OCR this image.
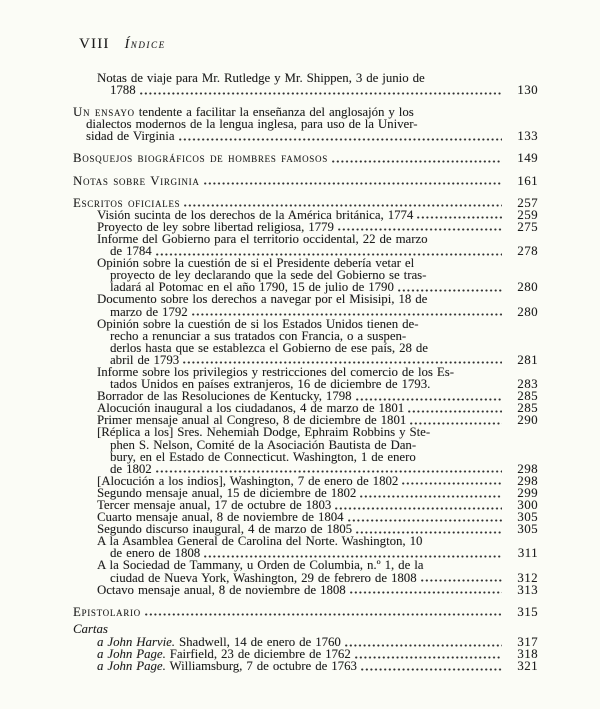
VIII Índice
Notas de viaje para Mr. Rutledge y Mr. Shippen, 3 de junio de
1788	130
Un ensayo tendente a facilitar la enseñanza del anglosajón y los
dialectos modernos de la lengua inglesa, para uso de la Univer-
sidad de Virginia	133
Bosquejos biográficos de hombres famosos	149
Notas sobre Virginia	161
Escritos oficiales	257
Visión sucinta de los derechos de la América británica, 1774	259
Proyecto de ley sobre libertad religiosa, 1779	275
Informe del Gobierno para el territorio occidental, 22 de marzo
de 1784	278
Opinión sobre la cuestión de si el Presidente debería vetar el
proyecto de ley declarando que la sede del Gobierno se tras-
ladará al Potomac en el año 1790, 15 de julio de 1790	280
Documento sobre los derechos a navegar por el Misisipi, 18 de
marzo de 1792	280
Opinión sobre la cuestión de si los Estados Unidos tienen de-
recho a renunciar a sus tratados con Francia, o a suspen-
derlos hasta que se establezca el Gobierno de ese país, 28 de
abril de 1793	281
Informe sobre los privilegios y restricciones del comercio de los Es-
tados Unidos en países extranjeros, 16 de diciembre de 1793.	283
Borrador de las Resoluciones de Kentucky, 1798	285
Alocución inaugural a los ciudadanos, 4 de marzo de 1801	285
Primer mensaje anual al Congreso, 8 de diciembre de 1801	290
[Réplica a los] Sres. Nehemiah Dodge, Ephraim Robbins y Ste-
phen S. Nelson, Comité de la Asociación Bautista de Dan-
bury, en el Estado de Connecticut. Washington, 1 de enero
de 1802	298
[Alocución a los indios], Washington, 7 de enero de 1802	298
Segundo mensaje anual, 15 de diciembre de 1802	299
Tercer mensaje anual, 17 de octubre de 1803	300
Cuarto mensaje anual, 8 de noviembre de 1804	305
Segundo discurso inaugural, 4 de marzo de 1805	305
A la Asamblea General de Carolina del Norte. Washington, 10
de enero de 1808	311
A la Sociedad de Tammany, u Orden de Columbia, n.º 1, de la
ciudad de Nueva York, Washington, 29 de febrero de 1808	312
Octavo mensaje anual, 8 de noviembre de 1808	313
Epistolario	315
Cartas
a John Harvie. Shadwell, 14 de enero de 1760	317
a John Page. Fairfield, 23 de diciembre de 1762	318
a John Page. Williamsburg, 7 de octubre de 1763	321
